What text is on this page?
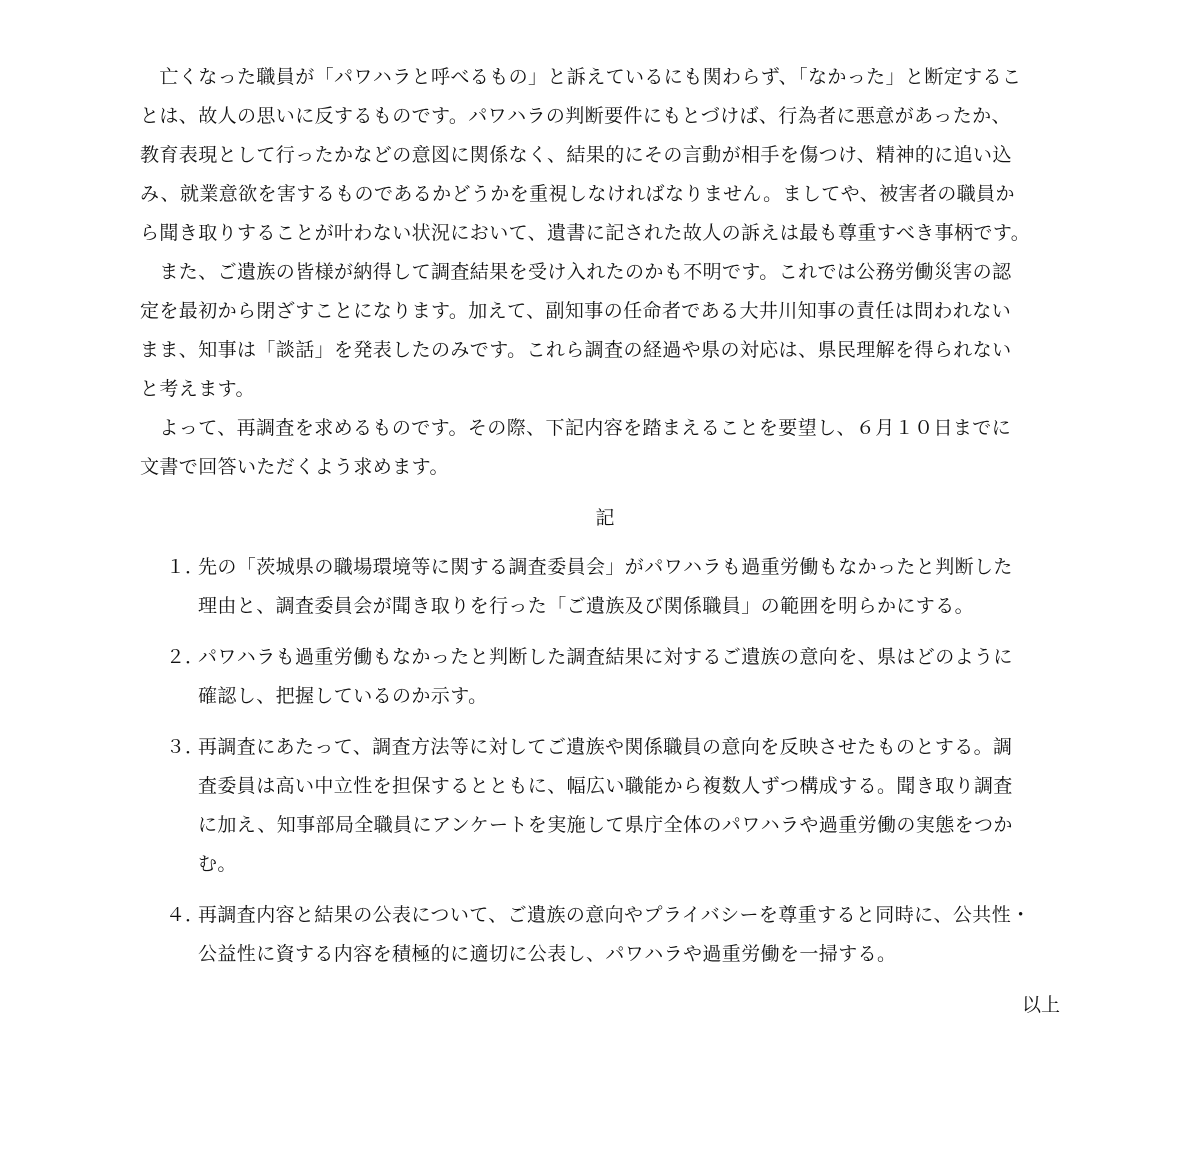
　亡くなった職員が「パワハラと呼べるもの」と訴えているにも関わらず、「なかった」と断定するこ
とは、故人の思いに反するものです。パワハラの判断要件にもとづけば、行為者に悪意があったか、
教育表現として行ったかなどの意図に関係なく、結果的にその言動が相手を傷つけ、精神的に追い込
み、就業意欲を害するものであるかどうかを重視しなければなりません。ましてや、被害者の職員か
ら聞き取りすることが叶わない状況において、遺書に記された故人の訴えは最も尊重すべき事柄です。
　また、ご遺族の皆様が納得して調査結果を受け入れたのかも不明です。これでは公務労働災害の認
定を最初から閉ざすことになります。加えて、副知事の任命者である大井川知事の責任は問われない
まま、知事は「談話」を発表したのみです。これら調査の経過や県の対応は、県民理解を得られない
と考えます。
　よって、再調査を求めるものです。その際、下記内容を踏まえることを要望し、６月１０日までに
文書で回答いただくよう求めます。
記
１．
先の「茨城県の職場環境等に関する調査委員会」がパワハラも過重労働もなかったと判断した
理由と、調査委員会が聞き取りを行った「ご遺族及び関係職員」の範囲を明らかにする。
２．
パワハラも過重労働もなかったと判断した調査結果に対するご遺族の意向を、県はどのように
確認し、把握しているのか示す。
３．
再調査にあたって、調査方法等に対してご遺族や関係職員の意向を反映させたものとする。調
査委員は高い中立性を担保するとともに、幅広い職能から複数人ずつ構成する。聞き取り調査
に加え、知事部局全職員にアンケートを実施して県庁全体のパワハラや過重労働の実態をつか
む。
４．
再調査内容と結果の公表について、ご遺族の意向やプライバシーを尊重すると同時に、公共性・
公益性に資する内容を積極的に適切に公表し、パワハラや過重労働を一掃する。
以上
